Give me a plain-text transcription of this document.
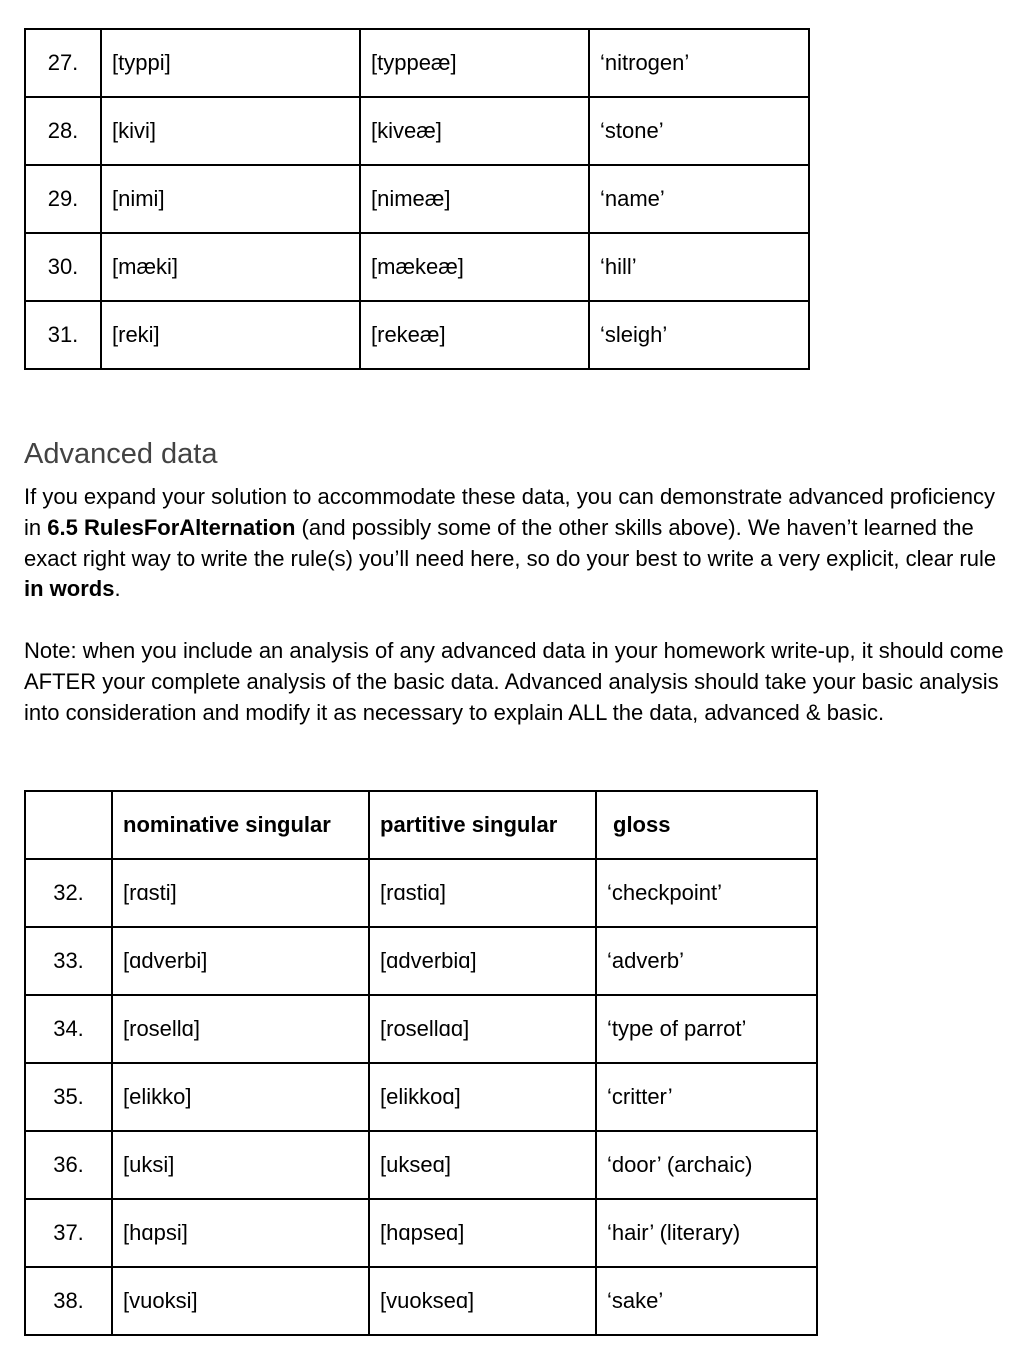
27.	[typpi]	[typpeæ]	‘nitrogen’
28.	[kivi]	[kiveæ]	‘stone’
29.	[nimi]	[nimeæ]	‘name’
30.	[mæki]	[mækeæ]	‘hill’
31.	[reki]	[rekeæ]	‘sleigh’
Advanced data

If you expand your solution to accommodate these data, you can demonstrate advanced proficiency in 6.5 RulesForAlternation (and possibly some of the other skills above). We haven’t learned the exact right way to write the rule(s) you’ll need here, so do your best to write a very explicit, clear rule in words.

Note: when you include an analysis of any advanced data in your homework write-up, it should come AFTER your complete analysis of the basic data. Advanced analysis should take your basic analysis into consideration and modify it as necessary to explain ALL the data, advanced & basic.

	nominative singular	partitive singular	gloss
32.	[rɑsti]	[rɑstiɑ]	‘checkpoint’
33.	[ɑdverbi]	[ɑdverbiɑ]	‘adverb’
34.	[rosellɑ]	[rosellɑɑ]	‘type of parrot’
35.	[elikko]	[elikkoɑ]	‘critter’
36.	[uksi]	[ukseɑ]	‘door’ (archaic)
37.	[hɑpsi]	[hɑpseɑ]	‘hair’ (literary)
38.	[vuoksi]	[vuokseɑ]	‘sake’
